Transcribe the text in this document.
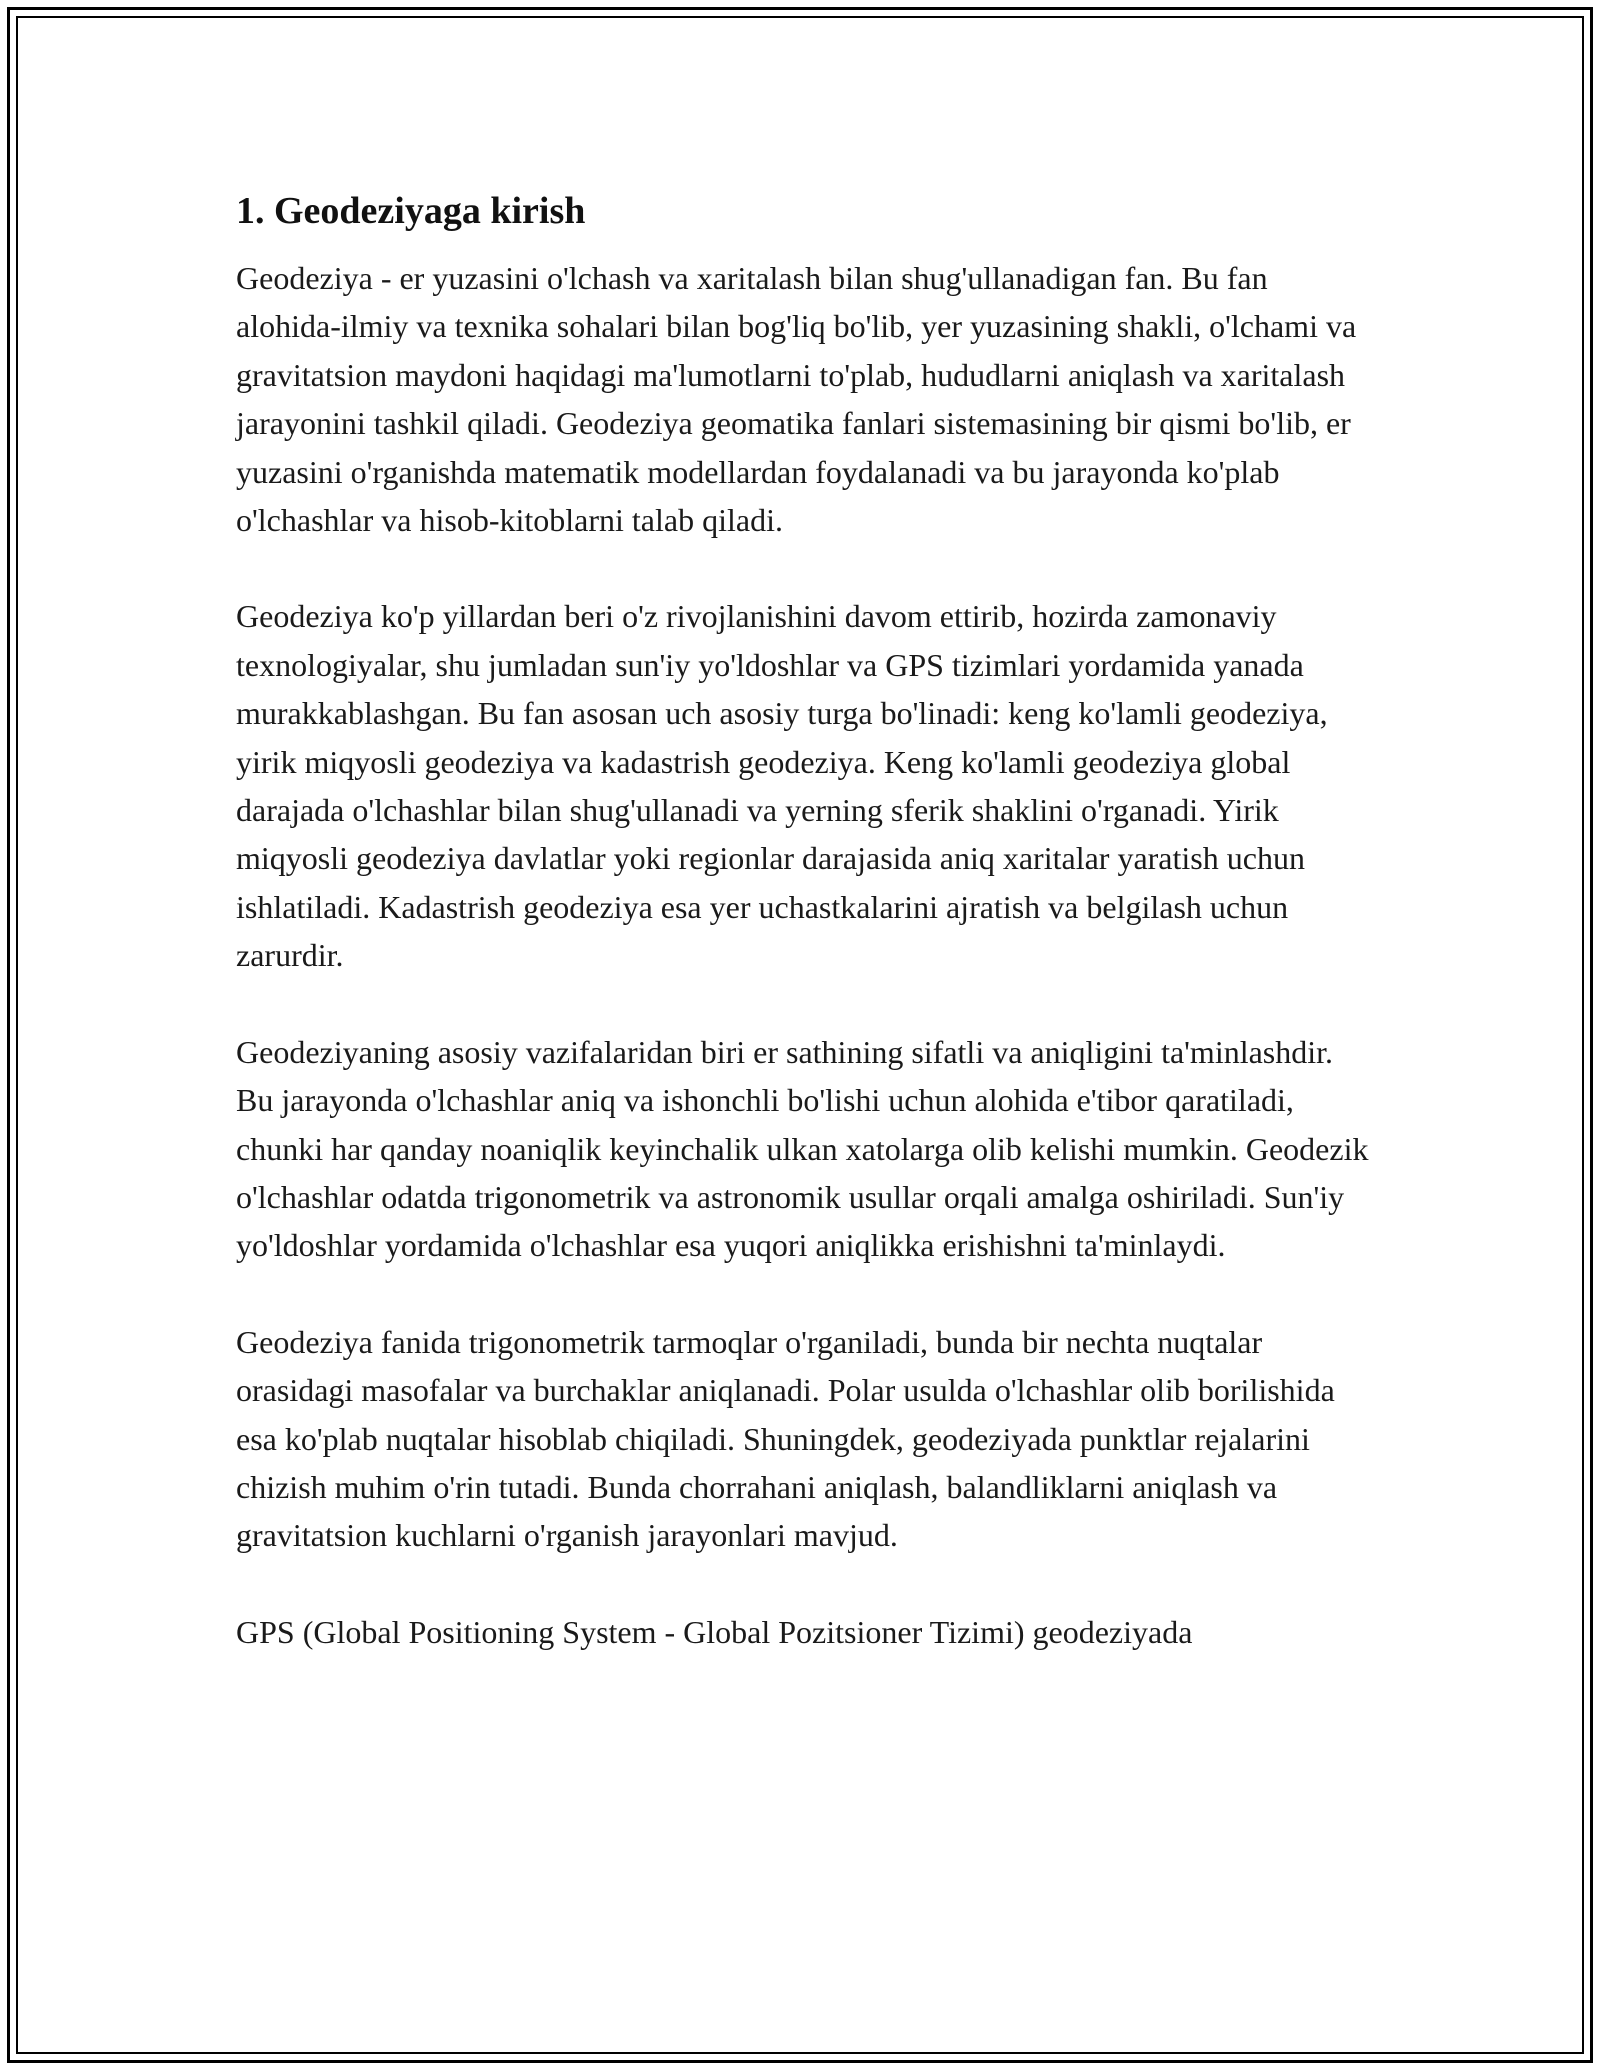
1. Geodeziyaga kirish

Geodeziya - er yuzasini o'lchash va xaritalash bilan shug'ullanadigan fan. Bu fan alohida-ilmiy va texnika sohalari bilan bog'liq bo'lib, yer yuzasining shakli, o'lchami va gravitatsion maydoni haqidagi ma'lumotlarni to'plab, hududlarni aniqlash va xaritalash jarayonini tashkil qiladi. Geodeziya geomatika fanlari sistemasining bir qismi bo'lib, er yuzasini o'rganishda matematik modellardan foydalanadi va bu jarayonda ko'plab o'lchashlar va hisob-kitoblarni talab qiladi.

Geodeziya ko'p yillardan beri o'z rivojlanishini davom ettirib, hozirda zamonaviy texnologiyalar, shu jumladan sun'iy yo'ldoshlar va GPS tizimlari yordamida yanada murakkablashgan. Bu fan asosan uch asosiy turga bo'linadi: keng ko'lamli geodeziya, yirik miqyosli geodeziya va kadastrish geodeziya. Keng ko'lamli geodeziya global darajada o'lchashlar bilan shug'ullanadi va yerning sferik shaklini o'rganadi. Yirik miqyosli geodeziya davlatlar yoki regionlar darajasida aniq xaritalar yaratish uchun ishlatiladi. Kadastrish geodeziya esa yer uchastkalarini ajratish va belgilash uchun zarurdir.

Geodeziyaning asosiy vazifalaridan biri er sathining sifatli va aniqligini ta'minlashdir. Bu jarayonda o'lchashlar aniq va ishonchli bo'lishi uchun alohida e'tibor qaratiladi, chunki har qanday noaniqlik keyinchalik ulkan xatolarga olib kelishi mumkin. Geodezik o'lchashlar odatda trigonometrik va astronomik usullar orqali amalga oshiriladi. Sun'iy yo'ldoshlar yordamida o'lchashlar esa yuqori aniqlikka erishishni ta'minlaydi.

Geodeziya fanida trigonometrik tarmoqlar o'rganiladi, bunda bir nechta nuqtalar orasidagi masofalar va burchaklar aniqlanadi. Polar usulda o'lchashlar olib borilishida esa ko'plab nuqtalar hisoblab chiqiladi. Shuningdek, geodeziyada punktlar rejalarini chizish muhim o'rin tutadi. Bunda chorrahani aniqlash, balandliklarni aniqlash va gravitatsion kuchlarni o'rganish jarayonlari mavjud.

GPS (Global Positioning System - Global Pozitsioner Tizimi) geodeziyada
